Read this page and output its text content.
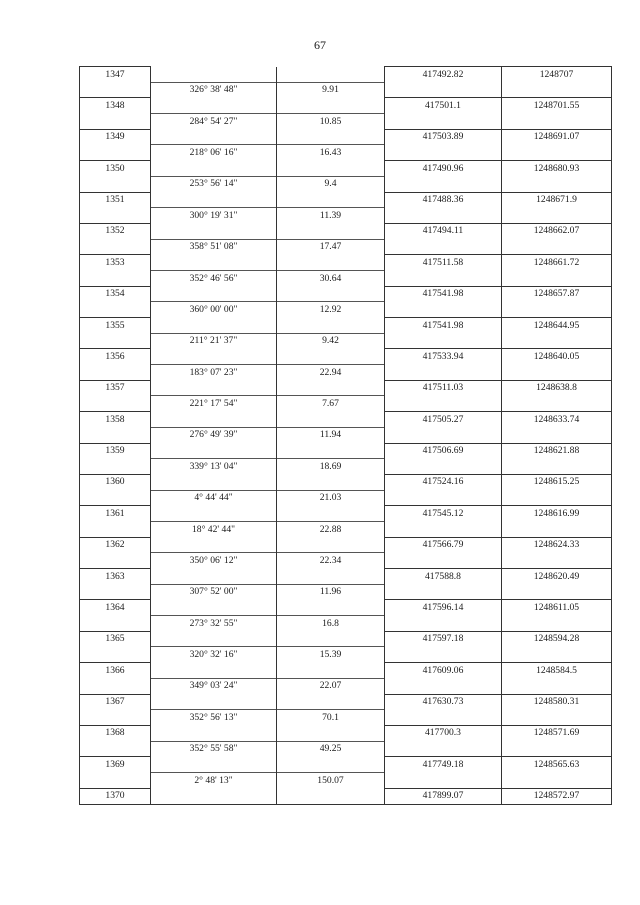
67
1347			417492.82	1248707
	326° 38' 48"	9.91		
1348			417501.1	1248701.55
	284° 54' 27"	10.85		
1349			417503.89	1248691.07
	218° 06' 16"	16.43		
1350			417490.96	1248680.93
	253° 56' 14"	9.4		
1351			417488.36	1248671.9
	300° 19' 31"	11.39		
1352			417494.11	1248662.07
	358° 51' 08"	17.47		
1353			417511.58	1248661.72
	352° 46' 56"	30.64		
1354			417541.98	1248657.87
	360° 00' 00"	12.92		
1355			417541.98	1248644.95
	211° 21' 37"	9.42		
1356			417533.94	1248640.05
	183° 07' 23"	22.94		
1357			417511.03	1248638.8
	221° 17' 54"	7.67		
1358			417505.27	1248633.74
	276° 49' 39"	11.94		
1359			417506.69	1248621.88
	339° 13' 04"	18.69		
1360			417524.16	1248615.25
	4° 44' 44"	21.03		
1361			417545.12	1248616.99
	18° 42' 44"	22.88		
1362			417566.79	1248624.33
	350° 06' 12"	22.34		
1363			417588.8	1248620.49
	307° 52' 00"	11.96		
1364			417596.14	1248611.05
	273° 32' 55"	16.8		
1365			417597.18	1248594.28
	320° 32' 16"	15.39		
1366			417609.06	1248584.5
	349° 03' 24"	22.07		
1367			417630.73	1248580.31
	352° 56' 13"	70.1		
1368			417700.3	1248571.69
	352° 55' 58"	49.25		
1369			417749.18	1248565.63
	2° 48' 13"	150.07		
1370			417899.07	1248572.97
